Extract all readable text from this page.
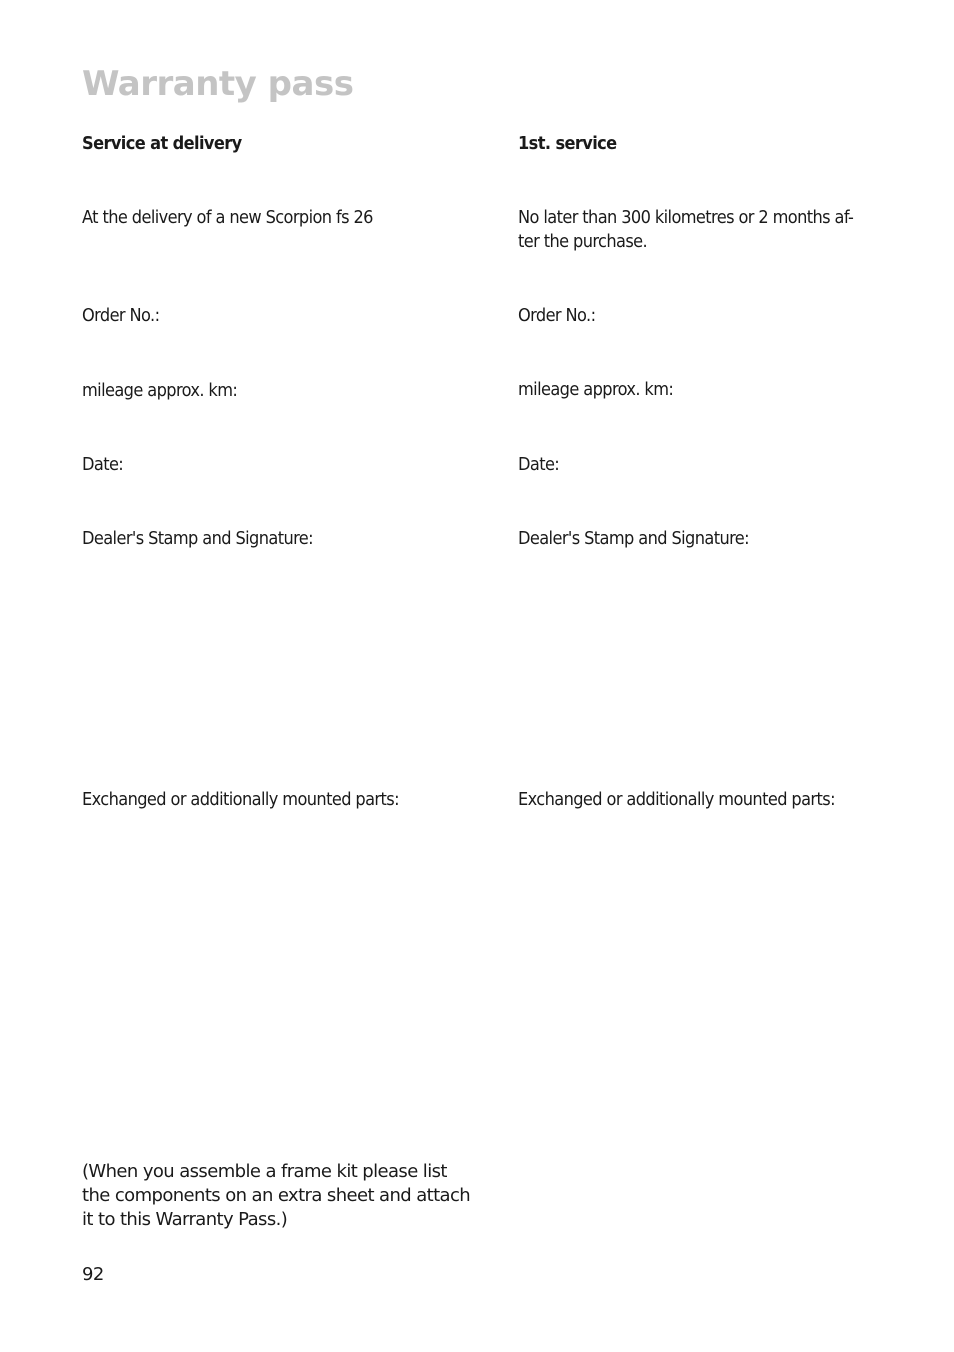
Warranty pass

Service at delivery

At the delivery of a new Scorpion fs 26

Order No.:

mileage approx. km:

Date:

Dealer's Stamp and Signature:

Exchanged or additionally mounted parts:

1st. service

No later than 300 kilometres or 2 months af-

ter the purchase.

Order No.:

mileage approx. km:

Date:

Dealer's Stamp and Signature:

Exchanged or additionally mounted parts:

(When you assemble a frame kit please list
the components on an extra sheet and attach
it to this Warranty Pass.)

92
